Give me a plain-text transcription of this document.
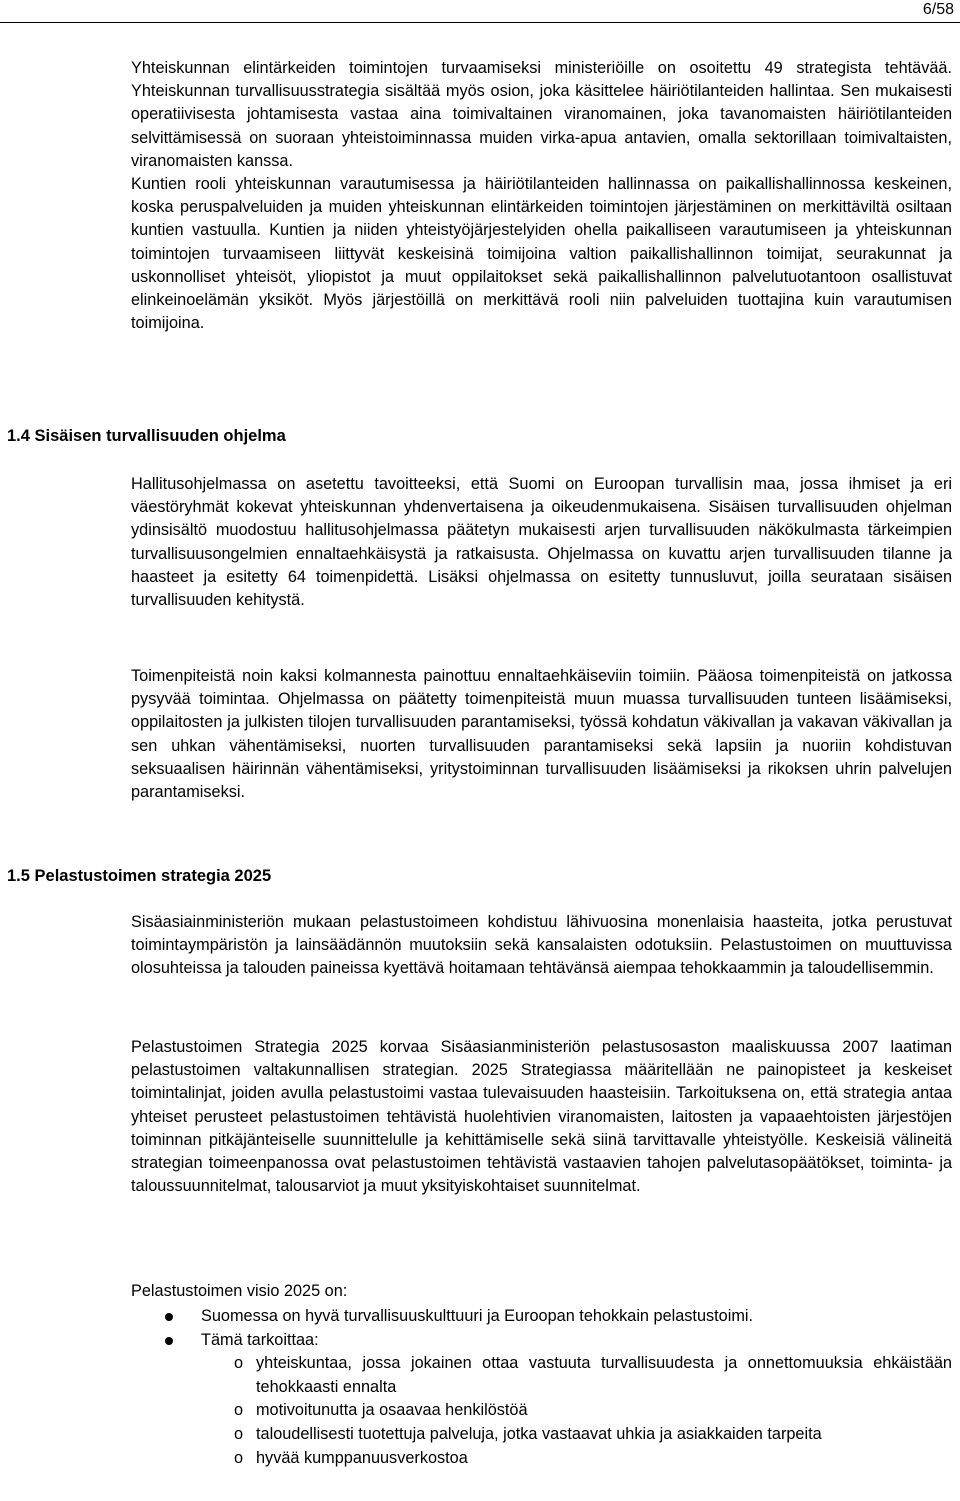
6/58

Yhteiskunnan elintärkeiden toimintojen turvaamiseksi ministeriöille on osoitettu 49 strategista tehtävää. Yhteiskunnan turvallisuusstrategia sisältää myös osion, joka käsittelee häiriötilanteiden hallintaa. Sen mukaisesti operatiivisesta johtamisesta vastaa aina toimivaltainen viranomainen, joka tavanomaisten häiriötilanteiden selvittämisessä on suoraan yhteistoiminnassa muiden virka-apua antavien, omalla sektorillaan toimivaltaisten, viranomaisten kanssa.

Kuntien rooli yhteiskunnan varautumisessa ja häiriötilanteiden hallinnassa on paikallishallinnossa keskeinen, koska peruspalveluiden ja muiden yhteiskunnan elintärkeiden toimintojen järjestäminen on merkittäviltä osiltaan kuntien vastuulla. Kuntien ja niiden yhteistyöjärjestelyiden ohella paikalliseen varautumiseen ja yhteiskunnan toimintojen turvaamiseen liittyvät keskeisinä toimijoina valtion paikallishallinnon toimijat, seurakunnat ja uskonnolliset yhteisöt, yliopistot ja muut oppilaitokset sekä paikallishallinnon palvelutuotantoon osallistuvat elinkeinoelämän yksiköt. Myös järjestöillä on merkittävä rooli niin palveluiden tuottajina kuin varautumisen toimijoina.

1.4 Sisäisen turvallisuuden ohjelma

Hallitusohjelmassa on asetettu tavoitteeksi, että Suomi on Euroopan turvallisin maa, jossa ihmiset ja eri väestöryhmät kokevat yhteiskunnan yhdenvertaisena ja oikeudenmukaisena. Sisäisen turvallisuuden ohjelman ydinsisältö muodostuu hallitusohjelmassa päätetyn mukaisesti arjen turvallisuuden näkökulmasta tärkeimpien turvallisuusongelmien ennaltaehkäisystä ja ratkaisusta. Ohjelmassa on kuvattu arjen turvallisuuden tilanne ja haasteet ja esitetty 64 toimenpidettä. Lisäksi ohjelmassa on esitetty tunnusluvut, joilla seurataan sisäisen turvallisuuden kehitystä.

Toimenpiteistä noin kaksi kolmannesta painottuu ennaltaehkäiseviin toimiin. Pääosa toimenpiteistä on jatkossa pysyvää toimintaa. Ohjelmassa on päätetty toimenpiteistä muun muassa turvallisuuden tunteen lisäämiseksi, oppilaitosten ja julkisten tilojen turvallisuuden parantamiseksi, työssä kohdatun väkivallan ja vakavan väkivallan ja sen uhkan vähentämiseksi, nuorten turvallisuuden parantamiseksi sekä lapsiin ja nuoriin kohdistuvan seksuaalisen häirinnän vähentämiseksi, yritystoiminnan turvallisuuden lisäämiseksi ja rikoksen uhrin palvelujen parantamiseksi.

1.5 Pelastustoimen strategia 2025

Sisäasiainministeriön mukaan pelastustoimeen kohdistuu lähivuosina monenlaisia haasteita, jotka perustuvat toimintaympäristön ja lainsäädännön muutoksiin sekä kansalaisten odotuksiin. Pelastustoimen on muuttuvissa olosuhteissa ja talouden paineissa kyettävä hoitamaan tehtävänsä aiempaa tehokkaammin ja taloudellisemmin.

Pelastustoimen Strategia 2025 korvaa Sisäasianministeriön pelastusosaston maaliskuussa 2007 laatiman pelastustoimen valtakunnallisen strategian. 2025 Strategiassa määritellään ne painopisteet ja keskeiset toimintalinjat, joiden avulla pelastustoimi vastaa tulevaisuuden haasteisiin. Tarkoituksena on, että strategia antaa yhteiset perusteet pelastustoimen tehtävistä huolehtivien viranomaisten, laitosten ja vapaaehtoisten järjestöjen toiminnan pitkäjänteiselle suunnittelulle ja kehittämiselle sekä siinä tarvittavalle yhteistyölle. Keskeisiä välineitä strategian toimeenpanossa ovat pelastustoimen tehtävistä vastaavien tahojen palvelutasopäätökset, toiminta- ja taloussuunnitelmat, talousarviot ja muut yksityiskohtaiset suunnitelmat.

Pelastustoimen visio 2025 on:

Suomessa on hyvä turvallisuuskulttuuri ja Euroopan tehokkain pelastustoimi.
Tämä tarkoittaa:
o yhteiskuntaa, jossa jokainen ottaa vastuuta turvallisuudesta ja onnettomuuksia ehkäistään tehokkaasti ennalta
o motivoitunutta ja osaavaa henkilöstöä
o taloudellisesti tuotettuja palveluja, jotka vastaavat uhkia ja asiakkaiden tarpeita
o hyvää kumppanuusverkostoa
